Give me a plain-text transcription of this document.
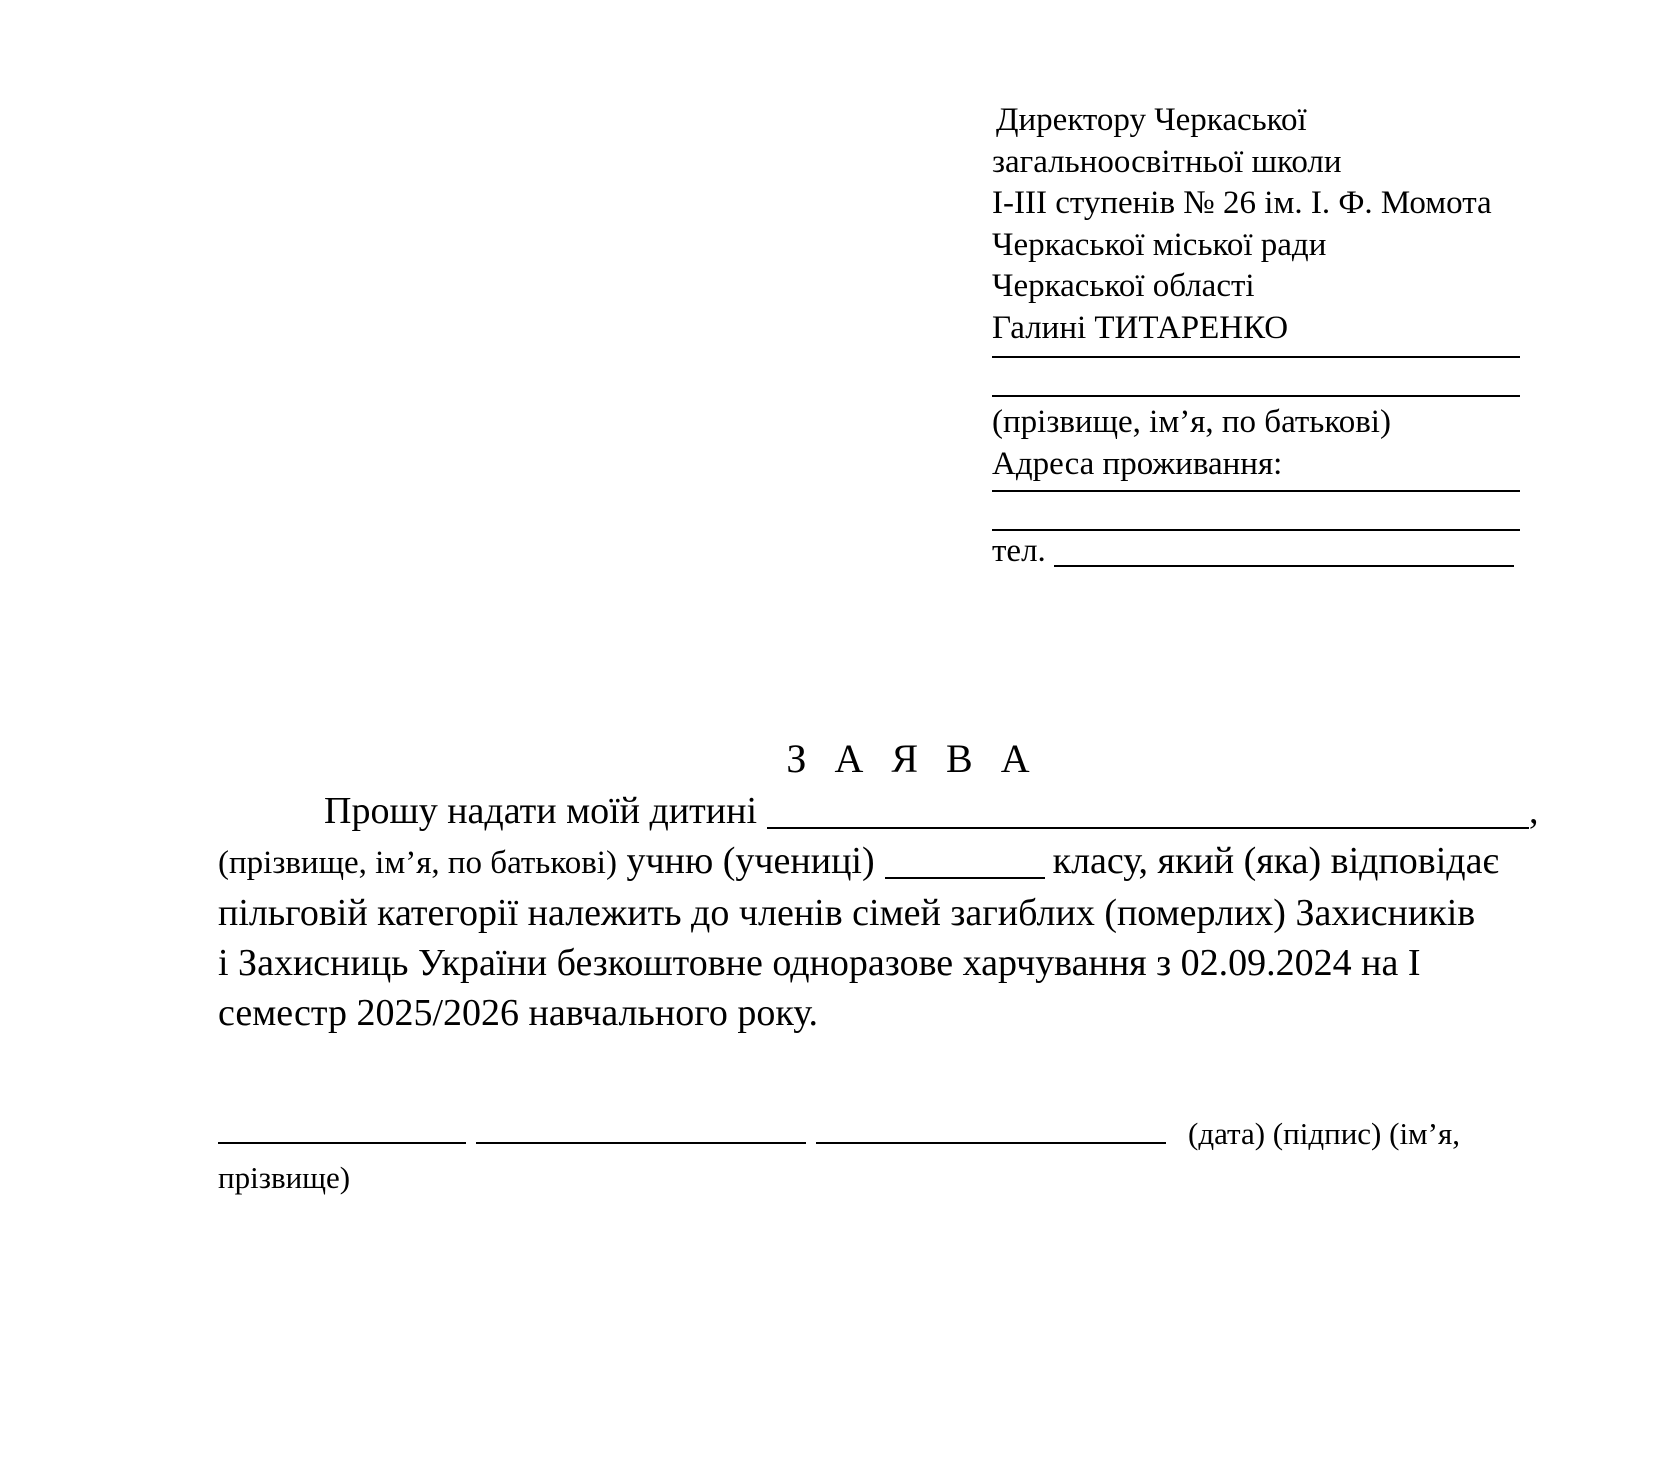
Директору Черкаської
загальноосвітньої школи
І-ІІІ ступенів № 26 ім. І. Ф. Момота
Черкаської міської ради
Черкаської області
Галині ТИТАРЕНКО
(прізвище, ім’я, по батькові)
Адреса проживання:
тел.
З А Я В А
Прошу надати моїй дитині	,
(прізвище, ім’я, по батькові) учню (учениці)	класу, який (яка) відповідає
пільговій категорії належить до членів сімей загиблих (померлих) Захисників
і Захисниць України безкоштовне одноразове харчування з 02.09.2024 на І
семестр 2025/2026 навчального року.
(дата) (підпис) (ім’я,
прізвище)
